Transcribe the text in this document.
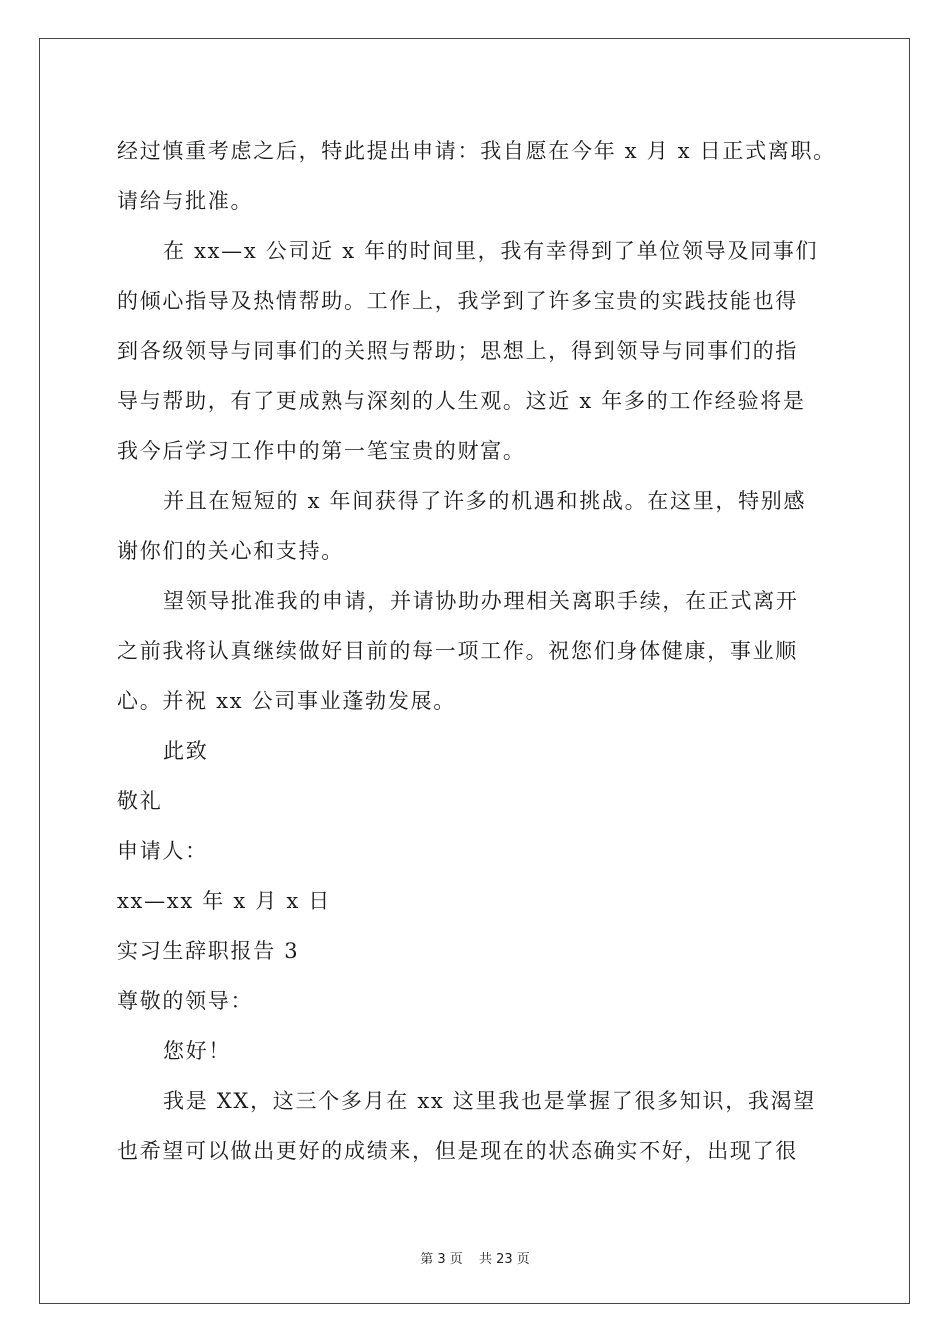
经过慎重考虑之后，特此提出申请：我自愿在今年 x 月 x 日正式离职。
请给与批准。
在 xx—x 公司近 x 年的时间里，我有幸得到了单位领导及同事们
的倾心指导及热情帮助。工作上，我学到了许多宝贵的实践技能也得
到各级领导与同事们的关照与帮助；思想上，得到领导与同事们的指
导与帮助，有了更成熟与深刻的人生观。这近 x 年多的工作经验将是
我今后学习工作中的第一笔宝贵的财富。
并且在短短的 x 年间获得了许多的机遇和挑战。在这里，特别感
谢你们的关心和支持。
望领导批准我的申请，并请协助办理相关离职手续，在正式离开
之前我将认真继续做好目前的每一项工作。祝您们身体健康，事业顺
心。并祝 xx 公司事业蓬勃发展。
此致
敬礼
申请人：
xx—xx 年 x 月 x 日
实习生辞职报告 3
尊敬的领导：
您好！
我是 XX，这三个多月在 xx 这里我也是掌握了很多知识，我渴望
也希望可以做出更好的成绩来，但是现在的状态确实不好，出现了很
第 3 页 共 23 页
